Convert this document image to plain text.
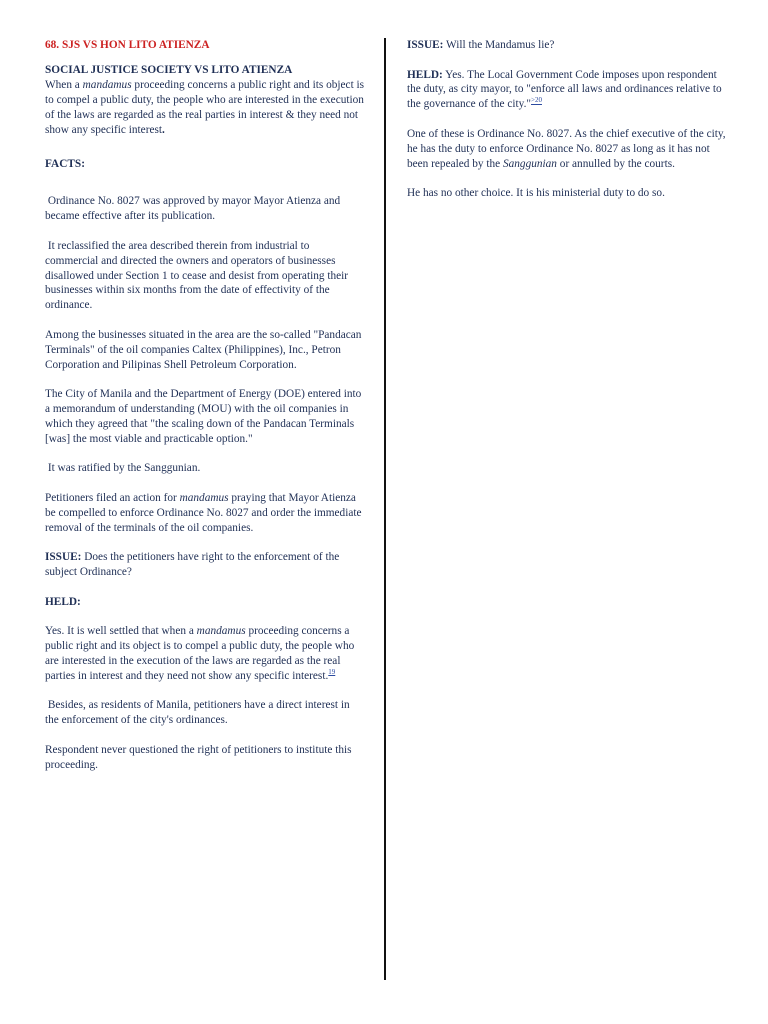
68. SJS VS HON LITO ATIENZA

SOCIAL JUSTICE SOCIETY VS LITO ATIENZA

When a mandamus proceeding concerns a public right and its object is to compel a public duty, the people who are interested in the execution of the laws are regarded as the real parties in interest & they need not show any specific interest.

FACTS:

Ordinance No. 8027 was approved by mayor Mayor Atienza and became effective after its publication.

It reclassified the area described therein from industrial to commercial and directed the owners and operators of businesses disallowed under Section 1 to cease and desist from operating their businesses within six months from the date of effectivity of the ordinance.

Among the businesses situated in the area are the so-called "Pandacan Terminals" of the oil companies Caltex (Philippines), Inc., Petron Corporation and Pilipinas Shell Petroleum Corporation.

The City of Manila and the Department of Energy (DOE) entered into a memorandum of understanding (MOU) with the oil companies in which they agreed that "the scaling down of the Pandacan Terminals [was] the most viable and practicable option."

It was ratified by the Sanggunian.

Petitioners filed an action for mandamus praying that Mayor Atienza be compelled to enforce Ordinance No. 8027 and order the immediate removal of the terminals of the oil companies.

ISSUE: Does the petitioners have right to the enforcement of the subject Ordinance?

HELD:

Yes. It is well settled that when a mandamus proceeding concerns a public right and its object is to compel a public duty, the people who are interested in the execution of the laws are regarded as the real parties in interest and they need not show any specific interest.$^{19}$

Besides, as residents of Manila, petitioners have a direct interest in the enforcement of the city's ordinances.

Respondent never questioned the right of petitioners to institute this proceeding.

ISSUE: Will the Mandamus lie?

HELD: Yes. The Local Government Code imposes upon respondent the duty, as city mayor, to "enforce all laws and ordinances relative to the governance of the city."$^{>20}$

One of these is Ordinance No. 8027. As the chief executive of the city, he has the duty to enforce Ordinance No. 8027 as long as it has not been repealed by the Sanggunian or annulled by the courts.

He has no other choice. It is his ministerial duty to do so.
